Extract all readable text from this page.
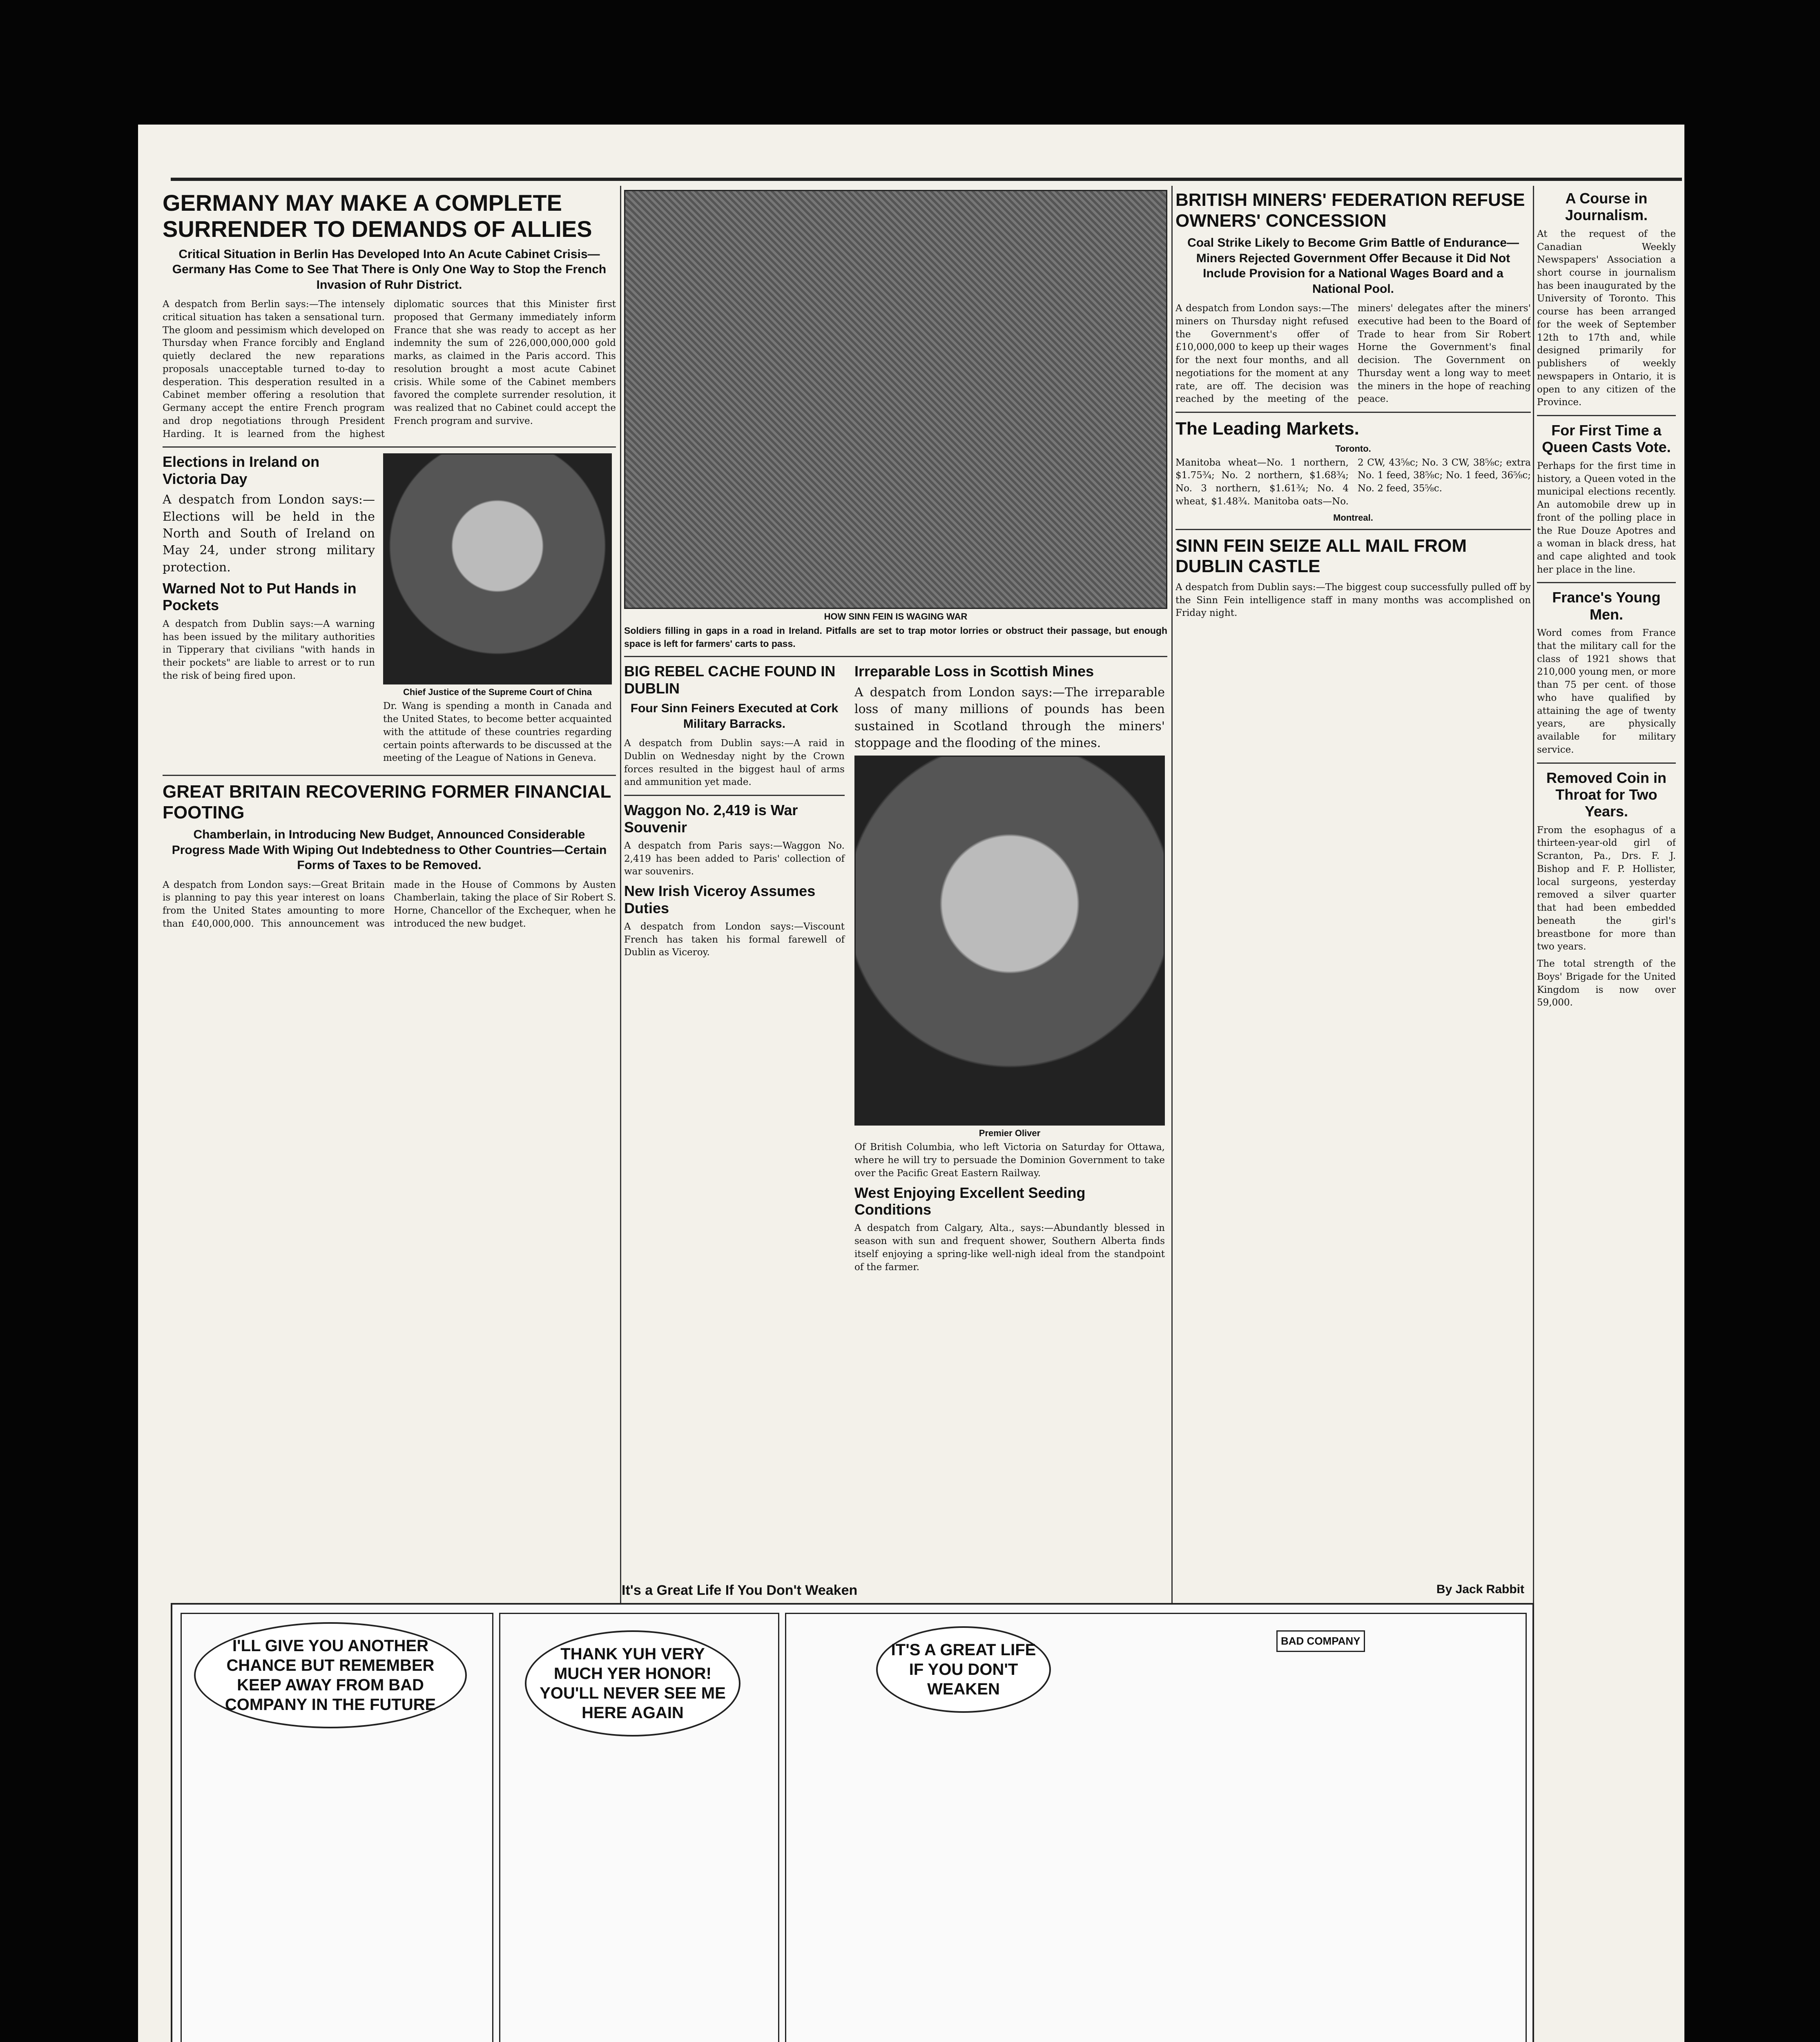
GERMANY MAY MAKE A COMPLETE SURRENDER TO DEMANDS OF ALLIES
Critical Situation in Berlin Has Developed Into An Acute Cabinet Crisis—Germany Has Come to See That There is Only One Way to Stop the French Invasion of Ruhr District.
A despatch from Berlin says:—The intensely critical situation has taken a sensational turn. The gloom and pessimism which developed on Thursday when France forcibly and England quietly declared the new reparations proposals unacceptable turned to-day to desperation. This desperation resulted in a Cabinet member offering a resolution that Germany accept the entire French program and drop negotiations through President Harding. It is learned from the highest diplomatic sources that this Minister first proposed that Germany immediately inform France that she was ready to accept as her indemnity the sum of 226,000,000,000 gold marks, as claimed in the Paris accord. This resolution brought a most acute Cabinet crisis. While some of the Cabinet members favored the complete surrender resolution, it was realized that no Cabinet could accept the French program and survive.
Elections in Ireland on Victoria Day
A despatch from London says:—Elections will be held in the North and South of Ireland on May 24, under strong military protection.
Warned Not to Put Hands in Pockets
A despatch from Dublin says:—A warning has been issued by the military authorities in Tipperary that civilians "with hands in their pockets" are liable to arrest or to run the risk of being fired upon.
Chief Justice of the Supreme Court of China
Dr. Wang is spending a month in Canada and the United States, to become better acquainted with the attitude of these countries regarding certain points afterwards to be discussed at the meeting of the League of Nations in Geneva.
GREAT BRITAIN RECOVERING FORMER FINANCIAL FOOTING
Chamberlain, in Introducing New Budget, Announced Considerable Progress Made With Wiping Out Indebtedness to Other Countries—Certain Forms of Taxes to be Removed.
A despatch from London says:—Great Britain is planning to pay this year interest on loans from the United States amounting to more than £40,000,000. This announcement was made in the House of Commons by Austen Chamberlain, taking the place of Sir Robert S. Horne, Chancellor of the Exchequer, when he introduced the new budget.
HOW SINN FEIN IS WAGING WAR
Soldiers filling in gaps in a road in Ireland. Pitfalls are set to trap motor lorries or obstruct their passage, but enough space is left for farmers' carts to pass.
BIG REBEL CACHE FOUND IN DUBLIN
Four Sinn Feiners Executed at Cork Military Barracks.
A despatch from Dublin says:—A raid in Dublin on Wednesday night by the Crown forces resulted in the biggest haul of arms and ammunition yet made.
Waggon No. 2,419 is War Souvenir
A despatch from Paris says:—Waggon No. 2,419 has been added to Paris' collection of war souvenirs.
New Irish Viceroy Assumes Duties
A despatch from London says:—Viscount French has taken his formal farewell of Dublin as Viceroy.
Irreparable Loss in Scottish Mines
A despatch from London says:—The irreparable loss of many millions of pounds has been sustained in Scotland through the miners' stoppage and the flooding of the mines.
Premier Oliver
Of British Columbia, who left Victoria on Saturday for Ottawa, where he will try to persuade the Dominion Government to take over the Pacific Great Eastern Railway.
West Enjoying Excellent Seeding Conditions
A despatch from Calgary, Alta., says:—Abundantly blessed in season with sun and frequent shower, Southern Alberta finds itself enjoying a spring-like well-nigh ideal from the standpoint of the farmer.
BRITISH MINERS' FEDERATION REFUSE OWNERS' CONCESSION
Coal Strike Likely to Become Grim Battle of Endurance—Miners Rejected Government Offer Because it Did Not Include Provision for a National Wages Board and a National Pool.
A despatch from London says:—The miners on Thursday night refused the Government's offer of £10,000,000 to keep up their wages for the next four months, and all negotiations for the moment at any rate, are off. The decision was reached by the meeting of the miners' delegates after the miners' executive had been to the Board of Trade to hear from Sir Robert Horne the Government's final decision. The Government on Thursday went a long way to meet the miners in the hope of reaching peace.
The Leading Markets.
Toronto.
Manitoba wheat—No. 1 northern, $1.75¾; No. 2 northern, $1.68¾; No. 3 northern, $1.61¾; No. 4 wheat, $1.48¾. Manitoba oats—No. 2 CW, 43⅝c; No. 3 CW, 38⅝c; extra No. 1 feed, 38⅝c; No. 1 feed, 36⅝c; No. 2 feed, 35⅝c.
Montreal.
SINN FEIN SEIZE ALL MAIL FROM DUBLIN CASTLE
A despatch from Dublin says:—The biggest coup successfully pulled off by the Sinn Fein intelligence staff in many months was accomplished on Friday night.
A Course in Journalism.
At the request of the Canadian Weekly Newspapers' Association a short course in journalism has been inaugurated by the University of Toronto. This course has been arranged for the week of September 12th to 17th and, while designed primarily for publishers of weekly newspapers in Ontario, it is open to any citizen of the Province.
For First Time a Queen Casts Vote.
Perhaps for the first time in history, a Queen voted in the municipal elections recently. An automobile drew up in front of the polling place in the Rue Douze Apotres and a woman in black dress, hat and cape alighted and took her place in the line.
France's Young Men.
Word comes from France that the military call for the class of 1921 shows that 210,000 young men, or more than 75 per cent. of those who have qualified by attaining the age of twenty years, are physically available for military service.
Removed Coin in Throat for Two Years.
From the esophagus of a thirteen-year-old girl of Scranton, Pa., Drs. F. J. Bishop and F. P. Hollister, local surgeons, yesterday removed a silver quarter that had been embedded beneath the girl's breastbone for more than two years.
The total strength of the Boys' Brigade for the United Kingdom is now over 59,000.
It's a Great Life If You Don't Weaken	By Jack Rabbit
I'LL GIVE YOU ANOTHER CHANCE BUT REMEMBER KEEP AWAY FROM BAD COMPANY IN THE FUTURE
THANK YUH VERY MUCH YER HONOR! YOU'LL NEVER SEE ME HERE AGAIN
IT'S A GREAT LIFE IF YOU DON'T WEAKEN
BAD COMPANY
